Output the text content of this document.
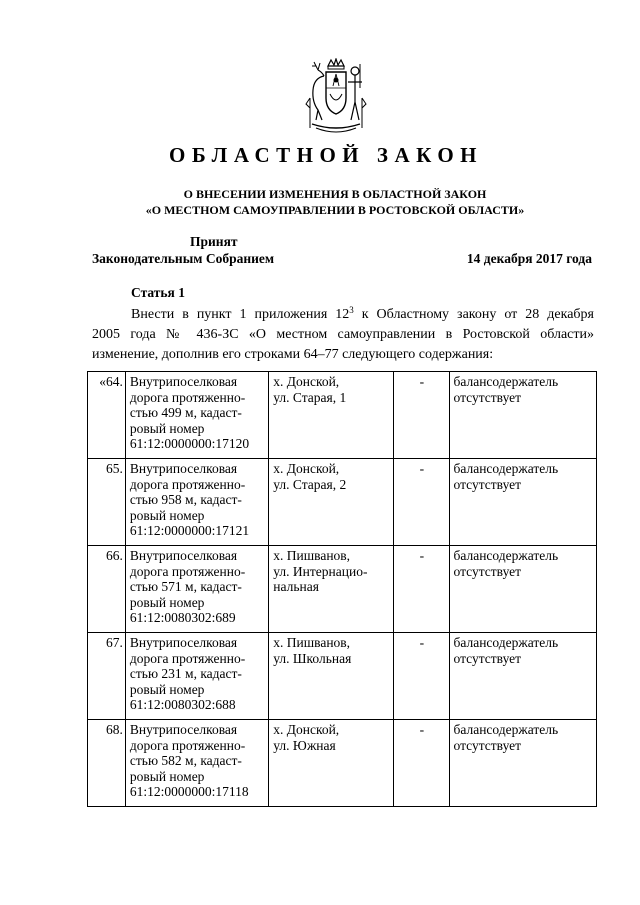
ОБЛАСТНОЙ ЗАКОН
О ВНЕСЕНИИ ИЗМЕНЕНИЯ В ОБЛАСТНОЙ ЗАКОН
«О МЕСТНОМ САМОУПРАВЛЕНИИ В РОСТОВСКОЙ ОБЛАСТИ»
Принят
Законодательным Собранием	14 декабря 2017 года
Статья 1
Внести в пункт 1 приложения $12^3$ к Областному закону от 28 декабря
2005 года № 436-ЗС «О местном самоуправлении в Ростовской области»
изменение, дополнив его строками 64–77 следующего содержания:
«64.	Внутрипоселковая
дорога протяженно-
стью 499 м, кадаст-
ровый номер
61:12:0000000:17120	х. Донской,
ул. Старая, 1	-	балансодержатель
отсутствует

65.	Внутрипоселковая
дорога протяженно-
стью 958 м, кадаст-
ровый номер
61:12:0000000:17121	х. Донской,
ул. Старая, 2	-	балансодержатель
отсутствует

66.	Внутрипоселковая
дорога протяженно-
стью 571 м, кадаст-
ровый номер
61:12:0080302:689	х. Пишванов,
ул. Интернацио-
нальная	-	балансодержатель
отсутствует

67.	Внутрипоселковая
дорога протяженно-
стью 231 м, кадаст-
ровый номер
61:12:0080302:688	х. Пишванов,
ул. Школьная	-	балансодержатель
отсутствует

68.	Внутрипоселковая
дорога протяженно-
стью 582 м, кадаст-
ровый номер
61:12:0000000:17118	х. Донской,
ул. Южная	-	балансодержатель
отсутствует
